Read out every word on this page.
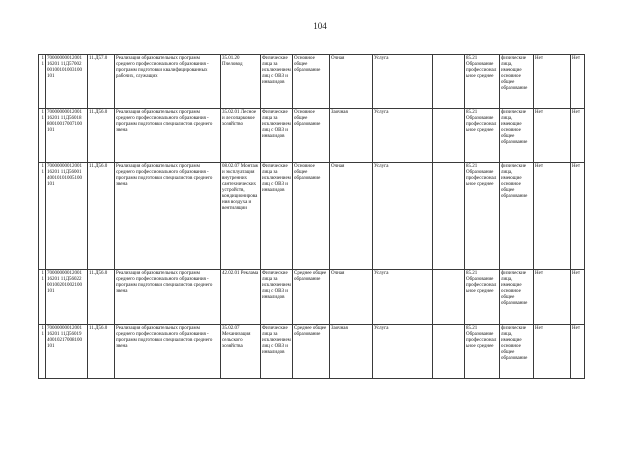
104
11	70000000012001 16201 11Д57002 00100101003100 101	11.Д57.0	Реализация образовательных программ среднего профессионального образования - программ подготовки квалифицированных рабочих, служащих	35.01.20 Пчеловод	Физические лица за исключением лиц с ОВЗ и инвалидов	Основное общее образование	Очная	Услуга		85.21 Образование профессиональное среднее	физические лица, имеющие основное общее образование	Нет	Нет
11	70000000012001 16201 11Д56018 80010017007100 101	11.Д56.0	Реализация образовательных программ среднего профессионального образования - программ подготовки специалистов среднего звена	35.02.01 Лесное и лесопарковое хозяйство	Физические лица за исключением лиц с ОВЗ и инвалидов	Основное общее образование	Заочная	Услуга		85.21 Образование профессиональное среднее	физические лица, имеющие основное общее образование	Нет	Нет
11	70000000012001 16201 11Д56001 40010101005100 101	11.Д56.0	Реализация образовательных программ среднего профессионального образования - программ подготовки специалистов среднего звена	08.02.07 Монтаж и эксплуатация внутренних сантехнических устройств, кондиционирования воздуха и вентиляции	Физические лица за исключением лиц с ОВЗ и инвалидов	Основное общее образование	Очная	Услуга		85.21 Образование профессиональное среднее	физические лица, имеющие основное общее образование	Нет	Нет
11	70000000012001 16201 11Д56022 00100201002100 101	11.Д56.0	Реализация образовательных программ среднего профессионального образования - программ подготовки специалистов среднего звена	42.02.01 Реклама	Физические лица за исключением лиц с ОВЗ и инвалидов	Среднее общее образование	Очная	Услуга		85.21 Образование профессиональное среднее	физические лица, имеющие основное общее образование	Нет	Нет
11	70000000012001 16201 11Д56019 40010217008100 101	11.Д56.0	Реализация образовательных программ среднего профессионального образования - программ подготовки специалистов среднего звена	35.02.07 Механизация сельского хозяйства	Физические лица за исключением лиц с ОВЗ и инвалидов	Среднее общее образование	Заочная	Услуга		85.21 Образование профессиональное среднее	физические лица, имеющие основное общее образование	Нет	Нет
